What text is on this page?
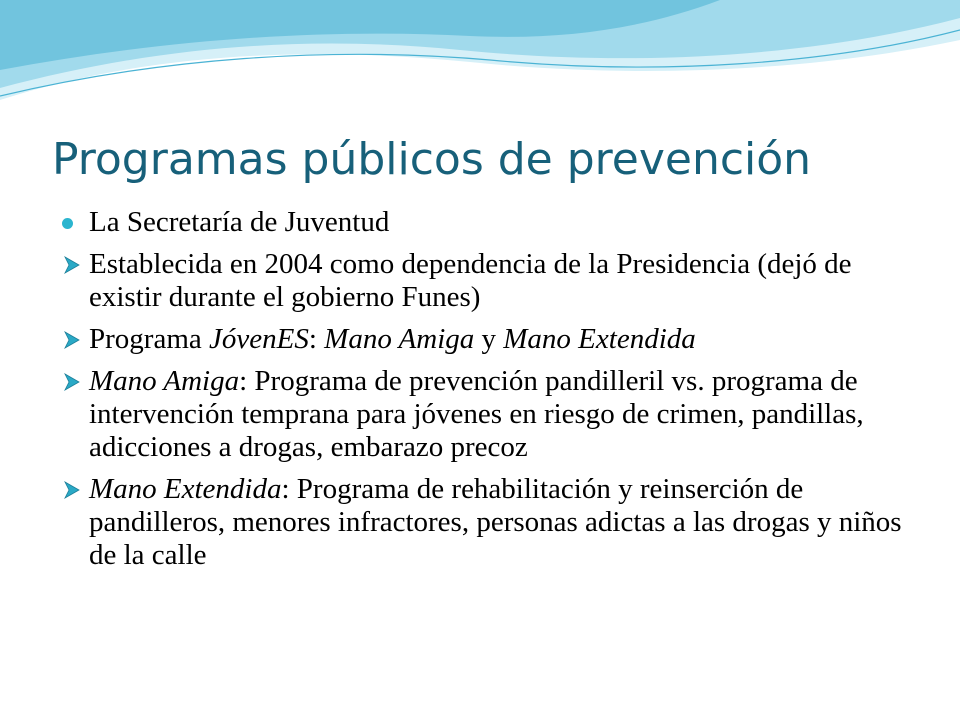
Programas públicos de prevención
La Secretaría de Juventud
Establecida en 2004 como dependencia de la Presidencia (dejó de existir durante el gobierno Funes)
Programa JóvenES: Mano Amiga y Mano Extendida
Mano Amiga: Programa de prevención pandilleril vs. programa de intervención temprana para jóvenes en riesgo de crimen, pandillas, adicciones a drogas, embarazo precoz
Mano Extendida: Programa de rehabilitación y reinserción de pandilleros, menores infractores, personas adictas a las drogas y niños de la calle
